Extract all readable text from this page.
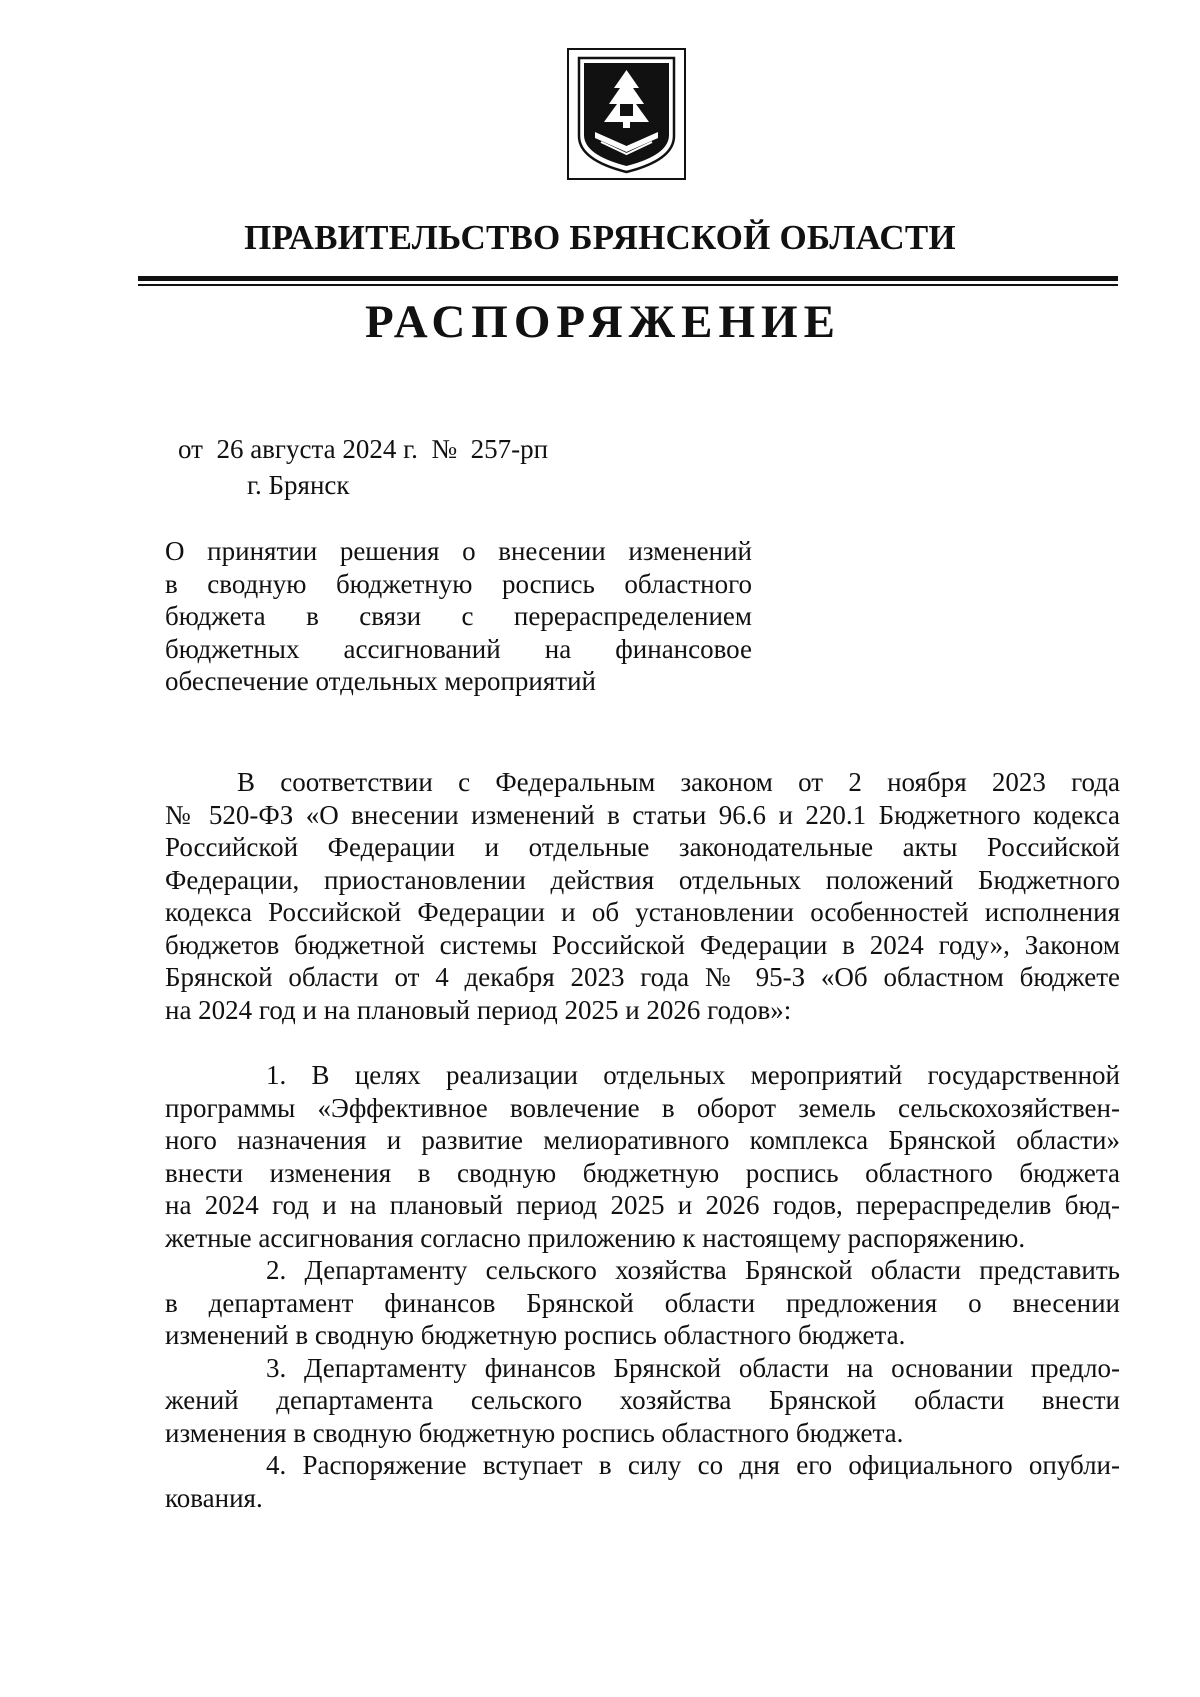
ПРАВИТЕЛЬСТВО БРЯНСКОЙ ОБЛАСТИ
РАСПОРЯЖЕНИЕ
от  26 августа 2024 г.  №  257-рп
г. Брянск
О принятии решения о внесении изменений
в сводную бюджетную роспись областного
бюджета в связи с перераспределением
бюджетных ассигнований на финансовое
обеспечение отдельных мероприятий
В соответствии с Федеральным законом от 2 ноября 2023 года
№ 520-ФЗ «О внесении изменений в статьи 96.6 и 220.1 Бюджетного кодекса
Российской Федерации и отдельные законодательные акты Российской
Федерации, приостановлении действия отдельных положений Бюджетного
кодекса Российской Федерации и об установлении особенностей исполнения
бюджетов бюджетной системы Российской Федерации в 2024 году», Законом
Брянской области от 4 декабря 2023 года № 95-З «Об областном бюджете
на 2024 год и на плановый период 2025 и 2026 годов»:
1. В целях реализации отдельных мероприятий государственной
программы «Эффективное вовлечение в оборот земель сельскохозяйствен-
ного назначения и развитие мелиоративного комплекса Брянской области»
внести изменения в сводную бюджетную роспись областного бюджета
на 2024 год и на плановый период 2025 и 2026 годов, перераспределив бюд-
жетные ассигнования согласно приложению к настоящему распоряжению.
2. Департаменту сельского хозяйства Брянской области представить
в департамент финансов Брянской области предложения о внесении
изменений в сводную бюджетную роспись областного бюджета.
3. Департаменту финансов Брянской области на основании предло-
жений департамента сельского хозяйства Брянской области внести
изменения в сводную бюджетную роспись областного бюджета.
4. Распоряжение вступает в силу со дня его официального опубли-
кования.
